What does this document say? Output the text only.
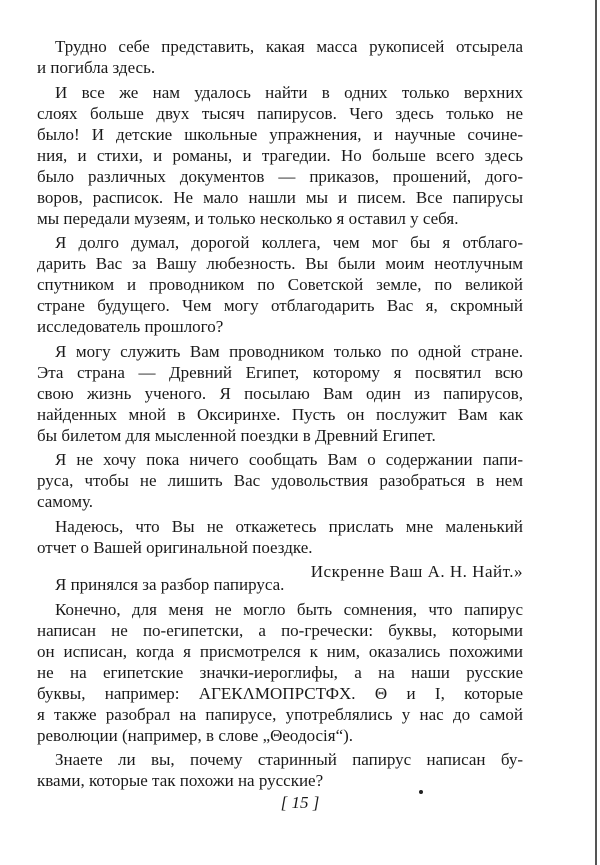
Трудно себе представить, какая масса рукописей отсырела
и погибла здесь.
И все же нам удалось найти в одних только верхних
слоях больше двух тысяч папирусов. Чего здесь только не
было! И детские школьные упражнения, и научные сочине-
ния, и стихи, и романы, и трагедии. Но больше всего здесь
было различных документов — приказов, прошений, дого-
воров, расписок. Не мало нашли мы и писем. Все папирусы
мы передали музеям, и только несколько я оставил у себя.
Я долго думал, дорогой коллега, чем мог бы я отблаго-
дарить Вас за Вашу любезность. Вы были моим неотлучным
спутником и проводником по Советской земле, по великой
стране будущего. Чем могу отблагодарить Вас я, скромный
исследователь прошлого?
Я могу служить Вам проводником только по одной стране.
Эта страна — Древний Египет, которому я посвятил всю
свою жизнь ученого. Я посылаю Вам один из папирусов,
найденных мной в Оксиринхе. Пусть он послужит Вам как
бы билетом для мысленной поездки в Древний Египет.
Я не хочу пока ничего сообщать Вам о содержании папи-
руса, чтобы не лишить Вас удовольствия разобраться в нем
самому.
Надеюсь, что Вы не откажетесь прислать мне маленький
отчет о Вашей оригинальной поездке.
Искренне Ваш А. Н. Найт.»
Я принялся за разбор папируса.
Конечно, для меня не могло быть сомнения, что папирус
написан не по-египетски, а по-гречески: буквы, которыми
он исписан, когда я присмотрелся к ним, оказались похожими
не на египетские значки-иероглифы, а на наши русские
буквы, например: АГЕКΛМОПРСТФХ. Θ и I, которые
я также разобрал на папирусе, употреблялись у нас до самой
революции (например, в слове „Θеодосія“).
Знаете ли вы, почему старинный папирус написан бу-
квами, которые так похожи на русские?
[ 15 ]
